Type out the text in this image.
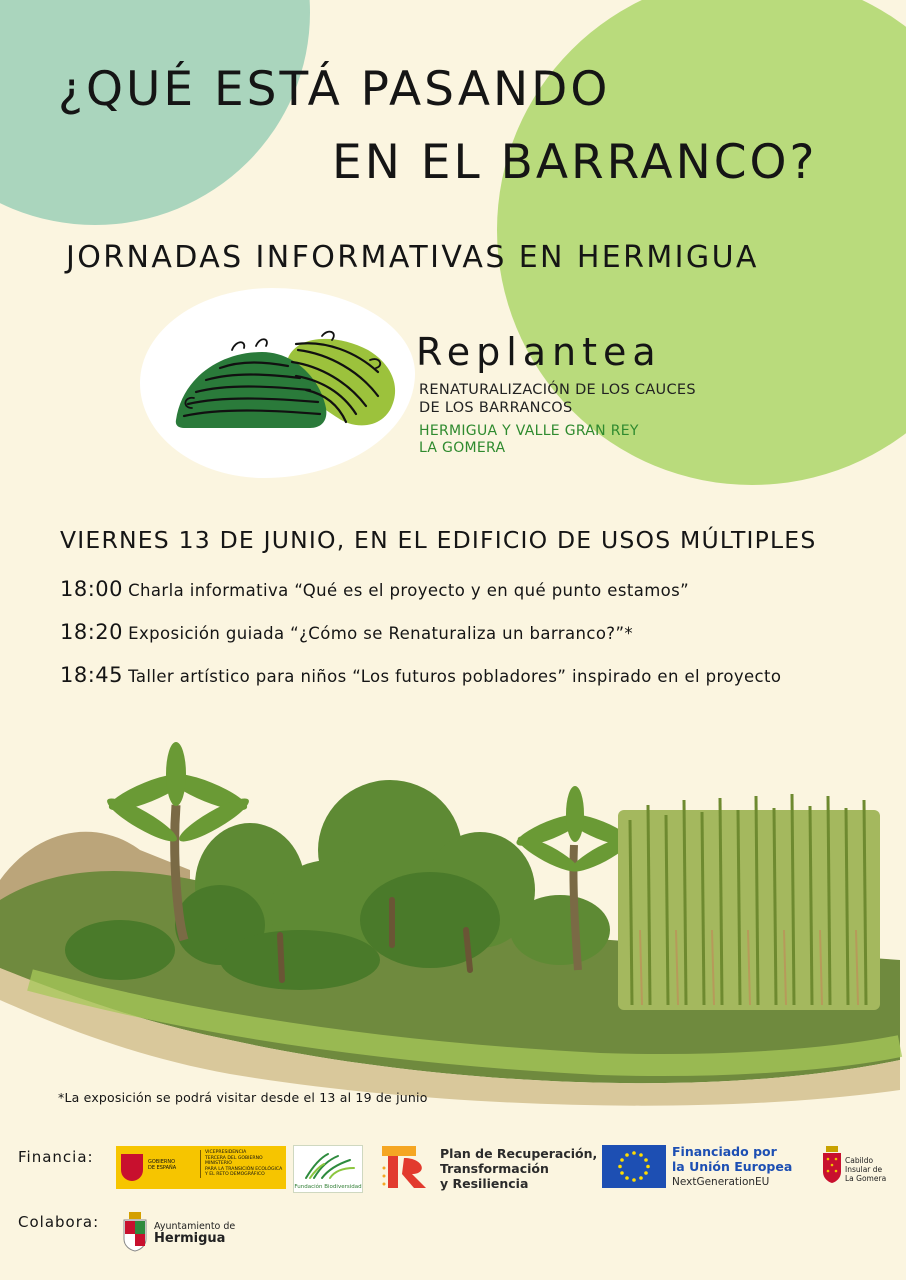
¿QUÉ ESTÁ PASANDO
EN EL BARRANCO?
JORNADAS INFORMATIVAS EN HERMIGUA
Replantea
RENATURALIZACIÓN DE LOS CAUCES
DE LOS BARRANCOS
HERMIGUA Y VALLE GRAN REY
LA GOMERA
VIERNES 13 DE JUNIO, EN EL EDIFICIO DE USOS MÚLTIPLES
18:00 Charla informativa “Qué es el proyecto y en qué punto estamos”
18:20 Exposición guiada “¿Cómo se Renaturaliza un barranco?”*
18:45 Taller artístico para niños “Los futuros pobladores” inspirado en el proyecto
*La exposición se podrá visitar desde el 13 al 19 de junio
Financia:
Colabora:
GOBIERNO
DE ESPAÑA
VICEPRESIDENCIA
TERCERA DEL GOBIERNO
MINISTERIO
PARA LA TRANSICIÓN ECOLÓGICA
Y EL RETO DEMOGRÁFICO
Fundación Biodiversidad
Plan de Recuperación,
Transformación
y Resiliencia
Financiado por
la Unión Europea
NextGenerationEU
Cabildo
Insular de
La Gomera
Ayuntamiento de
Hermigua
